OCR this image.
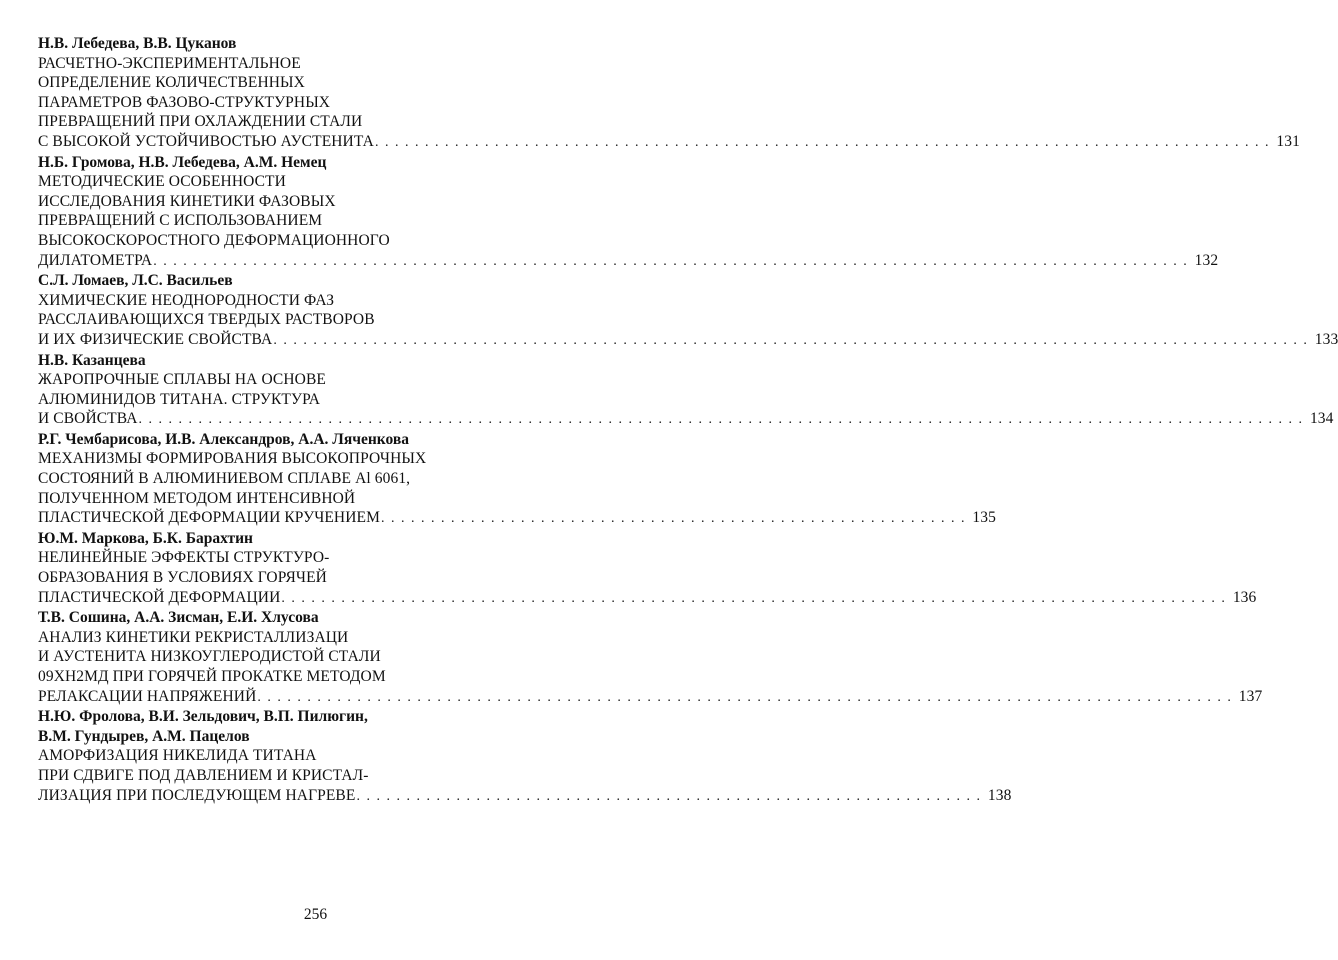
Н.В. Лебедева, В.В. Цуканов
РАСЧЕТНО-ЭКСПЕРИМЕНТАЛЬНОЕ
ОПРЕДЕЛЕНИЕ КОЛИЧЕСТВЕННЫХ
ПАРАМЕТРОВ ФАЗОВО-СТРУКТУРНЫХ
ПРЕВРАЩЕНИЙ ПРИ ОХЛАЖДЕНИИ СТАЛИ
С ВЫСОКОЙ УСТОЙЧИВОСТЬЮ АУСТЕНИТА . . . . . . . . . . . . . . . . . . . . . . . . . . . . . . . . . . . . . . . . . . . . . . . . . . . . . . . . . . . . . . . . . . . . . . . . . . . . . . . . . . . . . . . . . . 131
Н.Б. Громова, Н.В. Лебедева, А.М. Немец
МЕТОДИЧЕСКИЕ ОСОБЕННОСТИ
ИССЛЕДОВАНИЯ КИНЕТИКИ ФАЗОВЫХ
ПРЕВРАЩЕНИЙ С ИСПОЛЬЗОВАНИЕМ
ВЫСОКОСКОРОСТНОГО ДЕФОРМАЦИОННОГО
ДИЛАТОМЕТРА . . . . . . . . . . . . . . . . . . . . . . . . . . . . . . . . . . . . . . . . . . . . . . . . . . . . . . . . . . . . . . . . . . . . . . . . . . . . . . . . . . . . . . . . . . . . . . . . . . . . . . . . 132
С.Л. Ломаев, Л.С. Васильев
ХИМИЧЕСКИЕ НЕОДНОРОДНОСТИ ФАЗ
РАССЛАИВАЮЩИХСЯ ТВЕРДЫХ РАСТВОРОВ
И ИХ ФИЗИЧЕСКИЕ СВОЙСТВА . . . . . . . . . . . . . . . . . . . . . . . . . . . . . . . . . . . . . . . . . . . . . . . . . . . . . . . . . . . . . . . . . . . . . . . . . . . . . . . . . . . . . . . . . . . . . . . . . . . . . . . . 133
Н.В. Казанцева
ЖАРОПРОЧНЫЕ СПЛАВЫ НА ОСНОВЕ
АЛЮМИНИДОВ ТИТАНА. СТРУКТУРА
И СВОЙСТВА . . . . . . . . . . . . . . . . . . . . . . . . . . . . . . . . . . . . . . . . . . . . . . . . . . . . . . . . . . . . . . . . . . . . . . . . . . . . . . . . . . . . . . . . . . . . . . . . . . . . . . . . . . . . . . . . . . . . . 134
Р.Г. Чембарисова, И.В. Александров, А.А. Ляченкова
МЕХАНИЗМЫ ФОРМИРОВАНИЯ ВЫСОКОПРОЧНЫХ
СОСТОЯНИЙ В АЛЮМИНИЕВОМ СПЛАВЕ Al 6061,
ПОЛУЧЕННОМ МЕТОДОМ ИНТЕНСИВНОЙ
ПЛАСТИЧЕСКОЙ ДЕФОРМАЦИИ КРУЧЕНИЕМ . . . . . . . . . . . . . . . . . . . . . . . . . . . . . . . . . . . . . . . . . . . . . . . . . . . . . . . . . . . 135
Ю.М. Маркова, Б.К. Барахтин
НЕЛИНЕЙНЫЕ ЭФФЕКТЫ СТРУКТУРО-
ОБРАЗОВАНИЯ В УСЛОВИЯХ ГОРЯЧЕЙ
ПЛАСТИЧЕСКОЙ ДЕФОРМАЦИИ . . . . . . . . . . . . . . . . . . . . . . . . . . . . . . . . . . . . . . . . . . . . . . . . . . . . . . . . . . . . . . . . . . . . . . . . . . . . . . . . . . . . . . . . . . . . . . . 136
Т.В. Сошина, А.А. Зисман, Е.И. Хлусова
АНАЛИЗ КИНЕТИКИ РЕКРИСТАЛЛИЗАЦИ
И АУСТЕНИТА НИЗКОУГЛЕРОДИСТОЙ СТАЛИ
09ХН2МД ПРИ ГОРЯЧЕЙ ПРОКАТКЕ МЕТОДОМ
РЕЛАКСАЦИИ НАПРЯЖЕНИЙ . . . . . . . . . . . . . . . . . . . . . . . . . . . . . . . . . . . . . . . . . . . . . . . . . . . . . . . . . . . . . . . . . . . . . . . . . . . . . . . . . . . . . . . . . . . . . . . . . . 137
Н.Ю. Фролова, В.И. Зельдович, В.П. Пилюгин,
В.М. Гундырев, А.М. Пацелов
АМОРФИЗАЦИЯ НИКЕЛИДА ТИТАНА
ПРИ СДВИГЕ ПОД ДАВЛЕНИЕМ И КРИСТАЛ-
ЛИЗАЦИЯ ПРИ ПОСЛЕДУЮЩЕМ НАГРЕВЕ . . . . . . . . . . . . . . . . . . . . . . . . . . . . . . . . . . . . . . . . . . . . . . . . . . . . . . . . . . . . . . . 138
256
